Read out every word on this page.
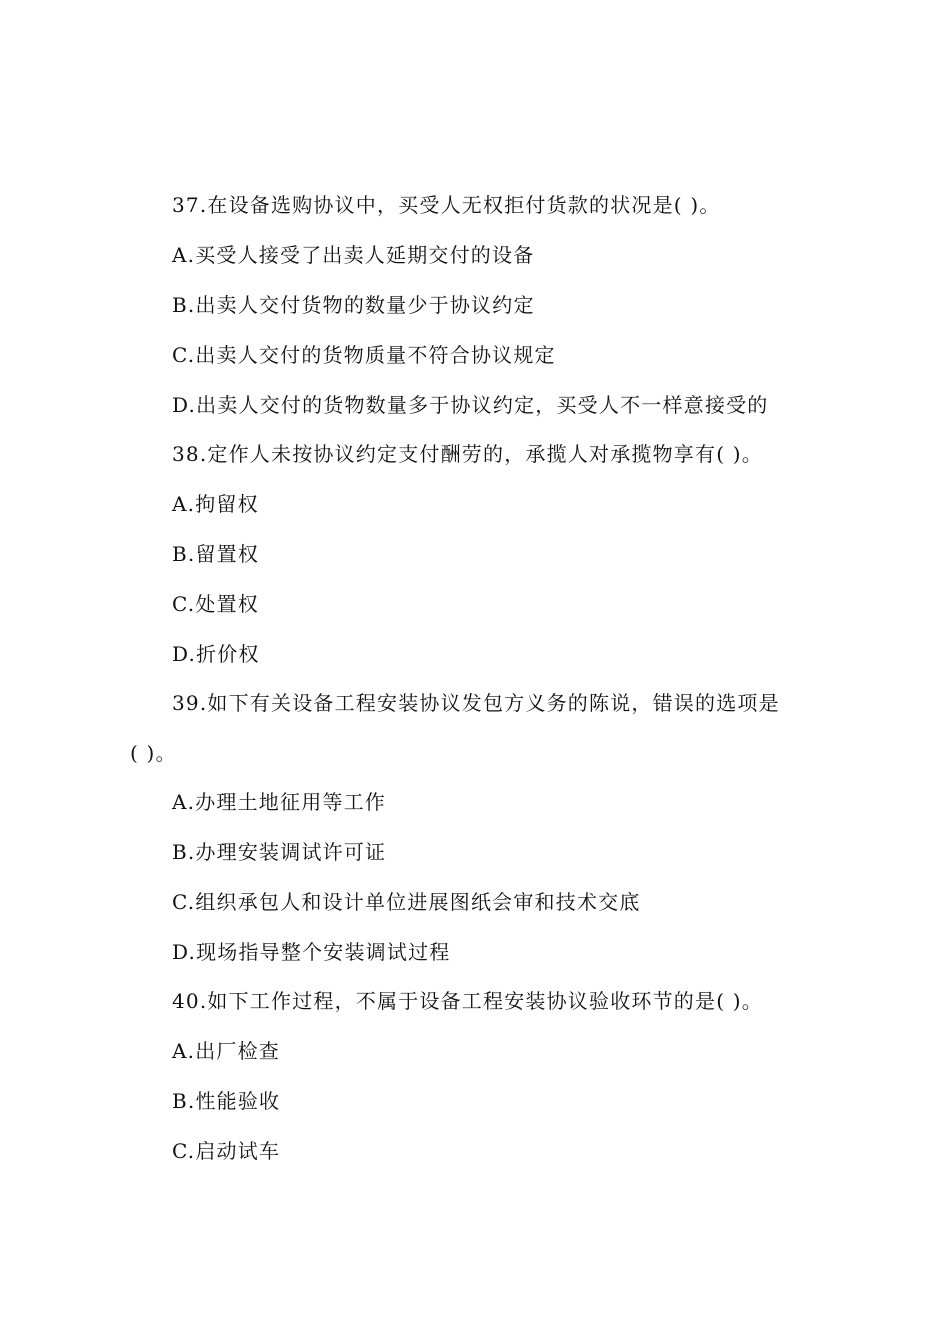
37.在设备选购协议中，买受人无权拒付货款的状况是( )。
A.买受人接受了出卖人延期交付的设备
B.出卖人交付货物的数量少于协议约定
C.出卖人交付的货物质量不符合协议规定
D.出卖人交付的货物数量多于协议约定，买受人不一样意接受的
38.定作人未按协议约定支付酬劳的，承揽人对承揽物享有( )。
A.拘留权
B.留置权
C.处置权
D.折价权
39.如下有关设备工程安装协议发包方义务的陈说，错误的选项是
( )。
A.办理土地征用等工作
B.办理安装调试许可证
C.组织承包人和设计单位进展图纸会审和技术交底
D.现场指导整个安装调试过程
40.如下工作过程，不属于设备工程安装协议验收环节的是( )。
A.出厂检查
B.性能验收
C.启动试车
